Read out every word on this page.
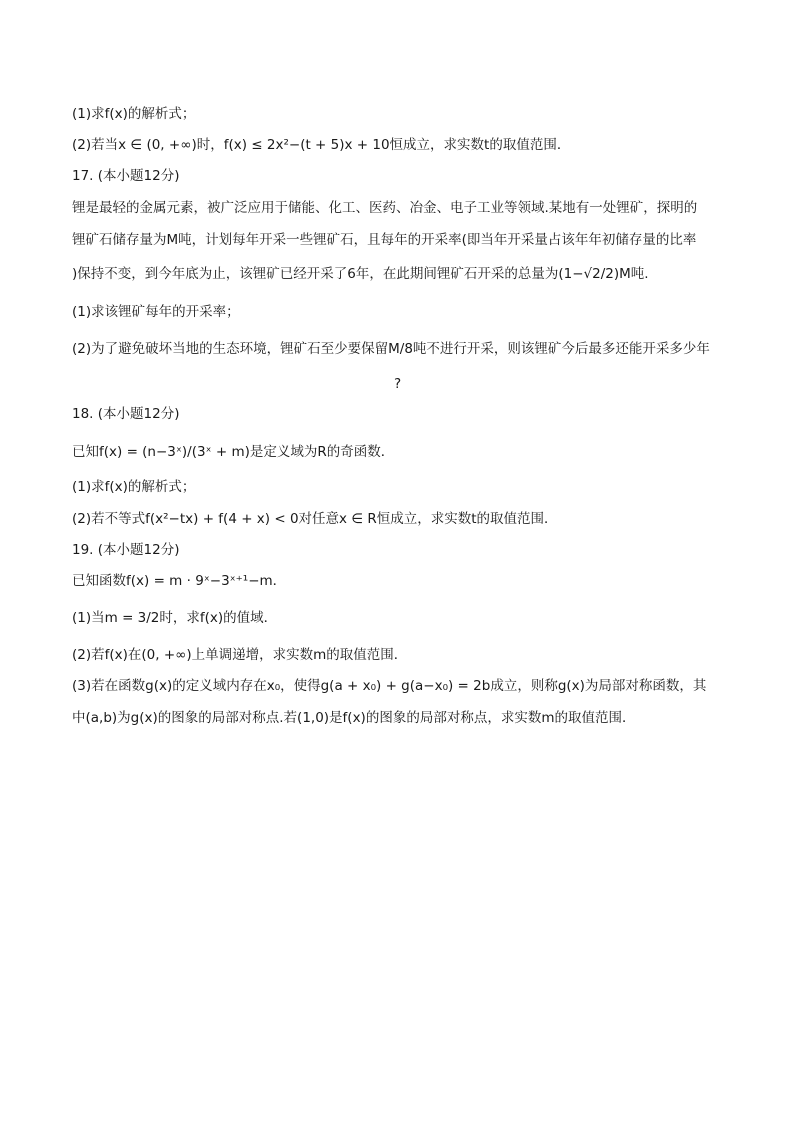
(1)求f(x)的解析式；
(2)若当x ∈ (0, +∞)时，f(x) ≤ 2x²−(t + 5)x + 10恒成立，求实数t的取值范围．
17. (本小题12分)
锂是最轻的金属元素，被广泛应用于储能、化工、医药、冶金、电子工业等领域.某地有一处锂矿，探明的
锂矿石储存量为M吨，计划每年开采一些锂矿石，且每年的开采率(即当年开采量占该年年初储存量的比率
)保持不变，到今年底为止，该锂矿已经开采了6年，在此期间锂矿石开采的总量为(1−√2/2)M吨.
(1)求该锂矿每年的开采率；
(2)为了避免破坏当地的生态环境，锂矿石至少要保留M/8吨不进行开采，则该锂矿今后最多还能开采多少年
?
18. (本小题12分)
已知f(x) = (n−3ˣ)/(3ˣ + m)是定义域为R的奇函数．
(1)求f(x)的解析式；
(2)若不等式f(x²−tx) + f(4 + x) < 0对任意x ∈ R恒成立，求实数t的取值范围．
19. (本小题12分)
已知函数f(x) = m · 9ˣ−3ˣ⁺¹−m．
(1)当m = 3/2时，求f(x)的值域．
(2)若f(x)在(0, +∞)上单调递增，求实数m的取值范围．
(3)若在函数g(x)的定义域内存在x₀，使得g(a + x₀) + g(a−x₀) = 2b成立，则称g(x)为局部对称函数，其
中(a,b)为g(x)的图象的局部对称点.若(1,0)是f(x)的图象的局部对称点，求实数m的取值范围．
